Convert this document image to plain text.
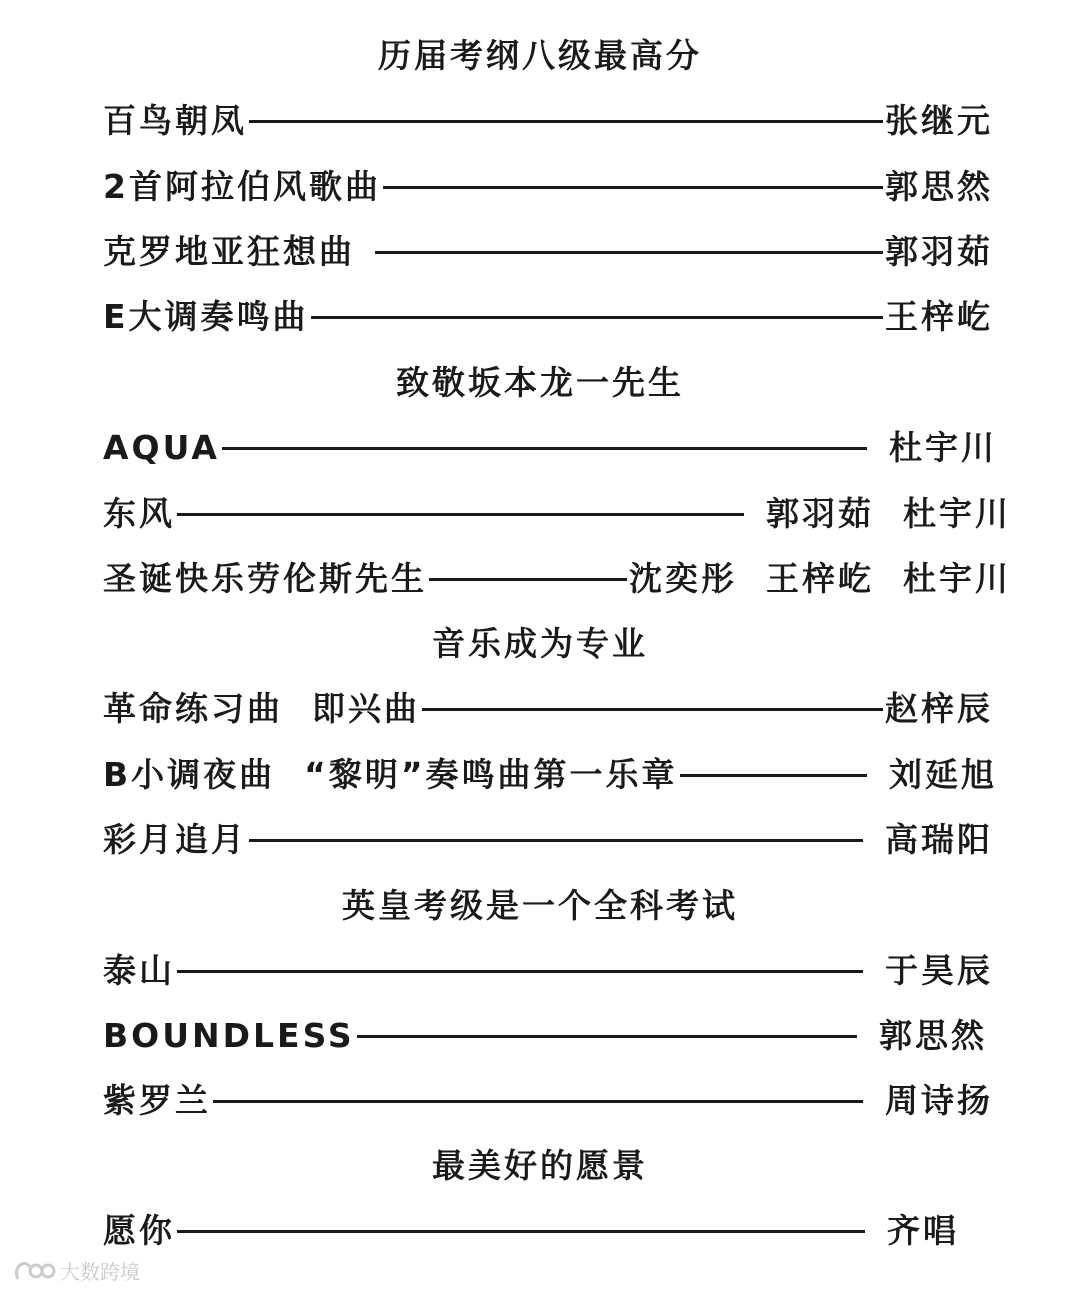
历届考纲八级最高分
百鸟朝凤	张继元
2首阿拉伯风歌曲	郭思然
克罗地亚狂想曲	郭羽茹
E大调奏鸣曲	王梓屹
致敬坂本龙一先生
AQUA	杜宇川
东风	郭羽茹  杜宇川
圣诞快乐劳伦斯先生	沈奕彤  王梓屹  杜宇川
音乐成为专业
革命练习曲  即兴曲	赵梓辰
B小调夜曲  “黎明”奏鸣曲第一乐章	刘延旭
彩月追月	高瑞阳
英皇考级是一个全科考试
泰山	于昊辰
BOUNDLESS	郭思然
紫罗兰	周诗扬
最美好的愿景
愿你	齐唱
大数跨境
